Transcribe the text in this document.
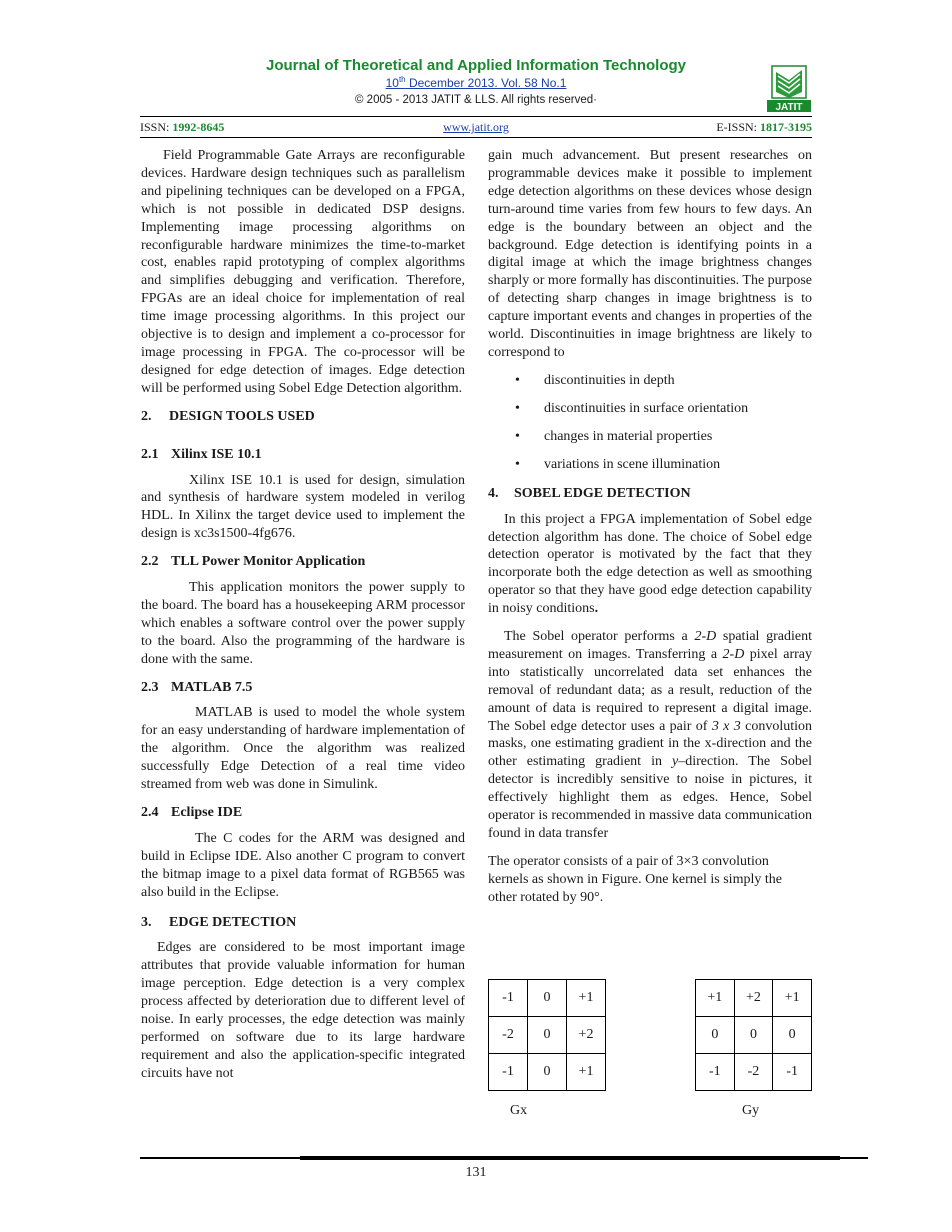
Journal of Theoretical and Applied Information Technology
10th December 2013. Vol. 58 No.1
© 2005 - 2013 JATIT & LLS. All rights reserved·
JATIT
ISSN: 1992-8645	www.jatit.org	E-ISSN: 1817-3195

Field Programmable Gate Arrays are reconfigurable devices. Hardware design techniques such as parallelism and pipelining techniques can be developed on a FPGA, which is not possible in dedicated DSP designs. Implementing image processing algorithms on reconfigurable hardware minimizes the time-to-market cost, enables rapid prototyping of complex algorithms and simplifies debugging and verification. Therefore, FPGAs are an ideal choice for implementation of real time image processing algorithms. In this project our objective is to design and implement a co-processor for image processing in FPGA. The co-processor will be designed for edge detection of images. Edge detection will be performed using Sobel Edge Detection algorithm.

2. DESIGN TOOLS USED
2.1 Xilinx ISE 10.1

Xilinx ISE 10.1 is used for design, simulation and synthesis of hardware system modeled in verilog HDL. In Xilinx the target device used to implement the design is xc3s1500-4fg676.

2.2 TLL Power Monitor Application

This application monitors the power supply to the board. The board has a housekeeping ARM processor which enables a software control over the power supply to the board. Also the programming of the hardware is done with the same.

2.3 MATLAB 7.5

MATLAB is used to model the whole system for an easy understanding of hardware implementation of the algorithm. Once the algorithm was realized successfully Edge Detection of a real time video streamed from web was done in Simulink.

2.4 Eclipse IDE

The C codes for the ARM was designed and build in Eclipse IDE. Also another C program to convert the bitmap image to a pixel data format of RGB565 was also build in the Eclipse.

3. EDGE DETECTION

Edges are considered to be most important image attributes that provide valuable information for human image perception. Edge detection is a very complex process affected by deterioration due to different level of noise. In early processes, the edge detection was mainly performed on software due to its large hardware requirement and also the application-specific integrated circuits have not

gain much advancement. But present researches on programmable devices make it possible to implement edge detection algorithms on these devices whose design turn-around time varies from few hours to few days. An edge is the boundary between an object and the background. Edge detection is identifying points in a digital image at which the image brightness changes sharply or more formally has discontinuities. The purpose of detecting sharp changes in image brightness is to capture important events and changes in properties of the world. Discontinuities in image brightness are likely to correspond to

• discontinuities in depth
• discontinuities in surface orientation
• changes in material properties
• variations in scene illumination
4. SOBEL EDGE DETECTION

In this project a FPGA implementation of Sobel edge detection algorithm has done. The choice of Sobel edge detection operator is motivated by the fact that they incorporate both the edge detection as well as smoothing operator so that they have good edge detection capability in noisy conditions.

The Sobel operator performs a 2-D spatial gradient measurement on images. Transferring a 2-D pixel array into statistically uncorrelated data set enhances the removal of redundant data; as a result, reduction of the amount of data is required to represent a digital image. The Sobel edge detector uses a pair of 3 x 3 convolution masks, one estimating gradient in the x-direction and the other estimating gradient in y–direction. The Sobel detector is incredibly sensitive to noise in pictures, it effectively highlight them as edges. Hence, Sobel operator is recommended in massive data communication found in data transfer

The operator consists of a pair of 3×3 convolution kernels as shown in Figure. One kernel is simply the other rotated by 90°.

-1	0	+1
-2	0	+2
-1	0	+1
+1	+2	+1
0	0	0
-1	-2	-1
Gx	Gy
131
